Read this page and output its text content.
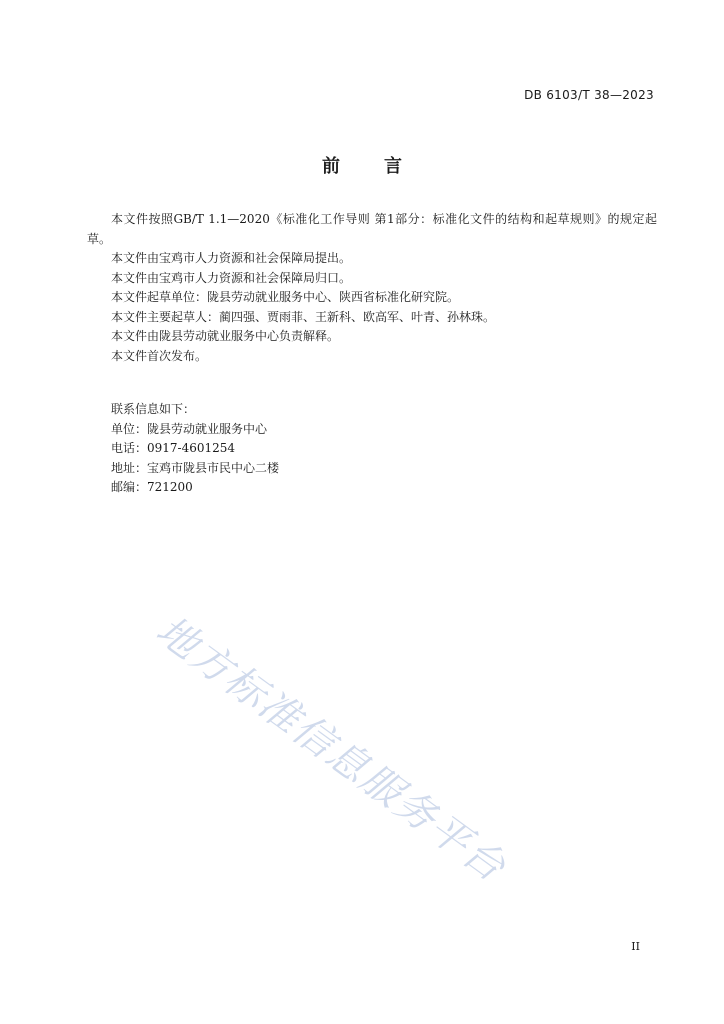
DB 6103/T 38—2023
前 言

本文件按照GB/T 1.1—2020《标准化工作导则 第1部分：标准化文件的结构和起草规则》的规定起草。

本文件由宝鸡市人力资源和社会保障局提出。

本文件由宝鸡市人力资源和社会保障局归口。

本文件起草单位：陇县劳动就业服务中心、陕西省标准化研究院。

本文件主要起草人：蔺四强、贾雨菲、王新科、欧高军、叶青、孙林珠。

本文件由陇县劳动就业服务中心负责解释。

本文件首次发布。

联系信息如下：
单位：陇县劳动就业服务中心
电话：0917-4601254
地址：宝鸡市陇县市民中心二楼
邮编：721200
地方标准信息服务平台
II
